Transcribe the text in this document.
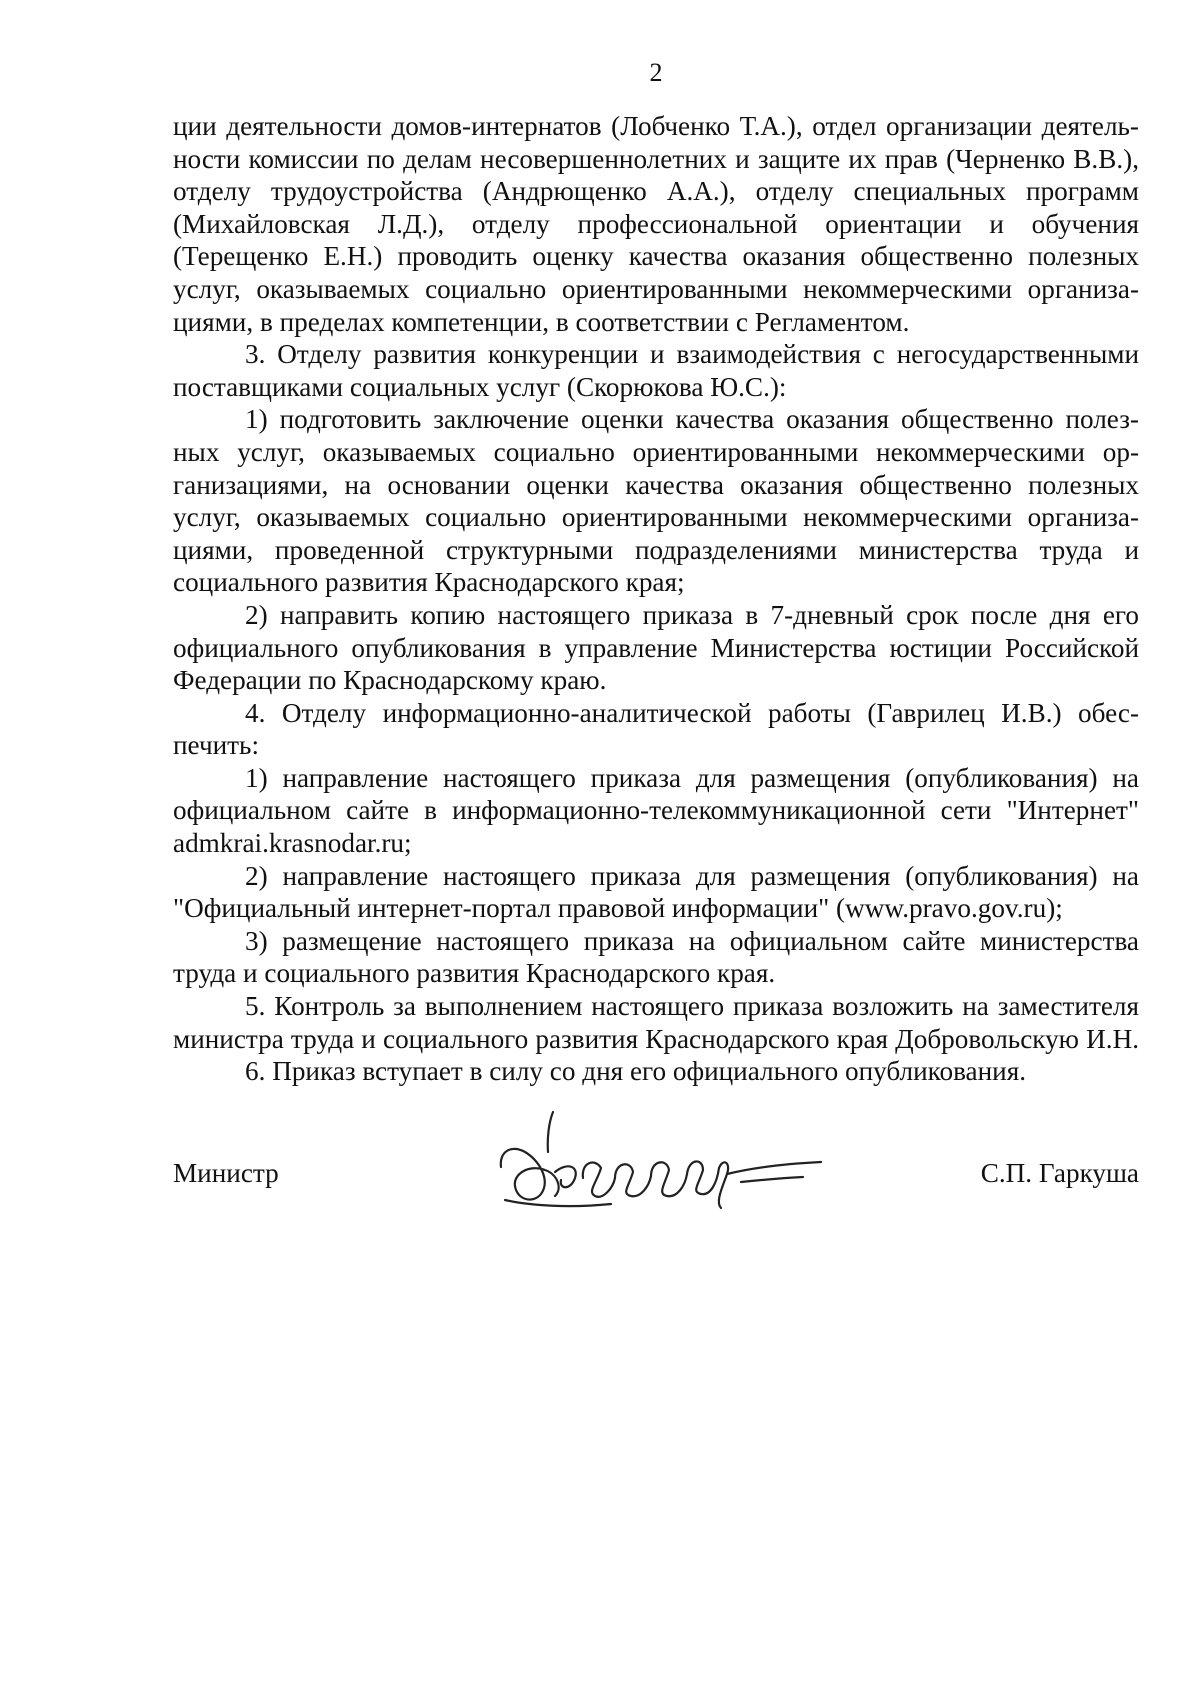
2
ции деятельности домов-интернатов (Лобченко Т.А.), отдел организации деятель-
ности комиссии по делам несовершеннолетних и защите их прав (Черненко В.В.),
отделу трудоустройства (Андрющенко А.А.), отделу специальных программ
(Михайловская Л.Д.), отделу профессиональной ориентации и обучения
(Терещенко Е.Н.) проводить оценку качества оказания общественно полезных
услуг, оказываемых социально ориентированными некоммерческими организа-
циями, в пределах компетенции, в соответствии с Регламентом.
3. Отделу развития конкуренции и взаимодействия с негосударственными
поставщиками социальных услуг (Скорюкова Ю.С.):
1) подготовить заключение оценки качества оказания общественно полез-
ных услуг, оказываемых социально ориентированными некоммерческими ор-
ганизациями, на основании оценки качества оказания общественно полезных
услуг, оказываемых социально ориентированными некоммерческими организа-
циями, проведенной структурными подразделениями министерства труда и
социального развития Краснодарского края;
2) направить копию настоящего приказа в 7-дневный срок после дня его
официального опубликования в управление Министерства юстиции Российской
Федерации по Краснодарскому краю.
4. Отделу информационно-аналитической работы (Гаврилец И.В.) обес-
печить:
1) направление настоящего приказа для размещения (опубликования) на
официальном сайте в информационно-телекоммуникационной сети "Интернет"
admkrai.krasnodar.ru;
2) направление настоящего приказа для размещения (опубликования) на
"Официальный интернет-портал правовой информации" (www.pravo.gov.ru);
3) размещение настоящего приказа на официальном сайте министерства
труда и социального развития Краснодарского края.
5. Контроль за выполнением настоящего приказа возложить на заместителя
министра труда и социального развития Краснодарского края Добровольскую И.Н.
6. Приказ вступает в силу со дня его официального опубликования.
Министр	С.П. Гаркуша
